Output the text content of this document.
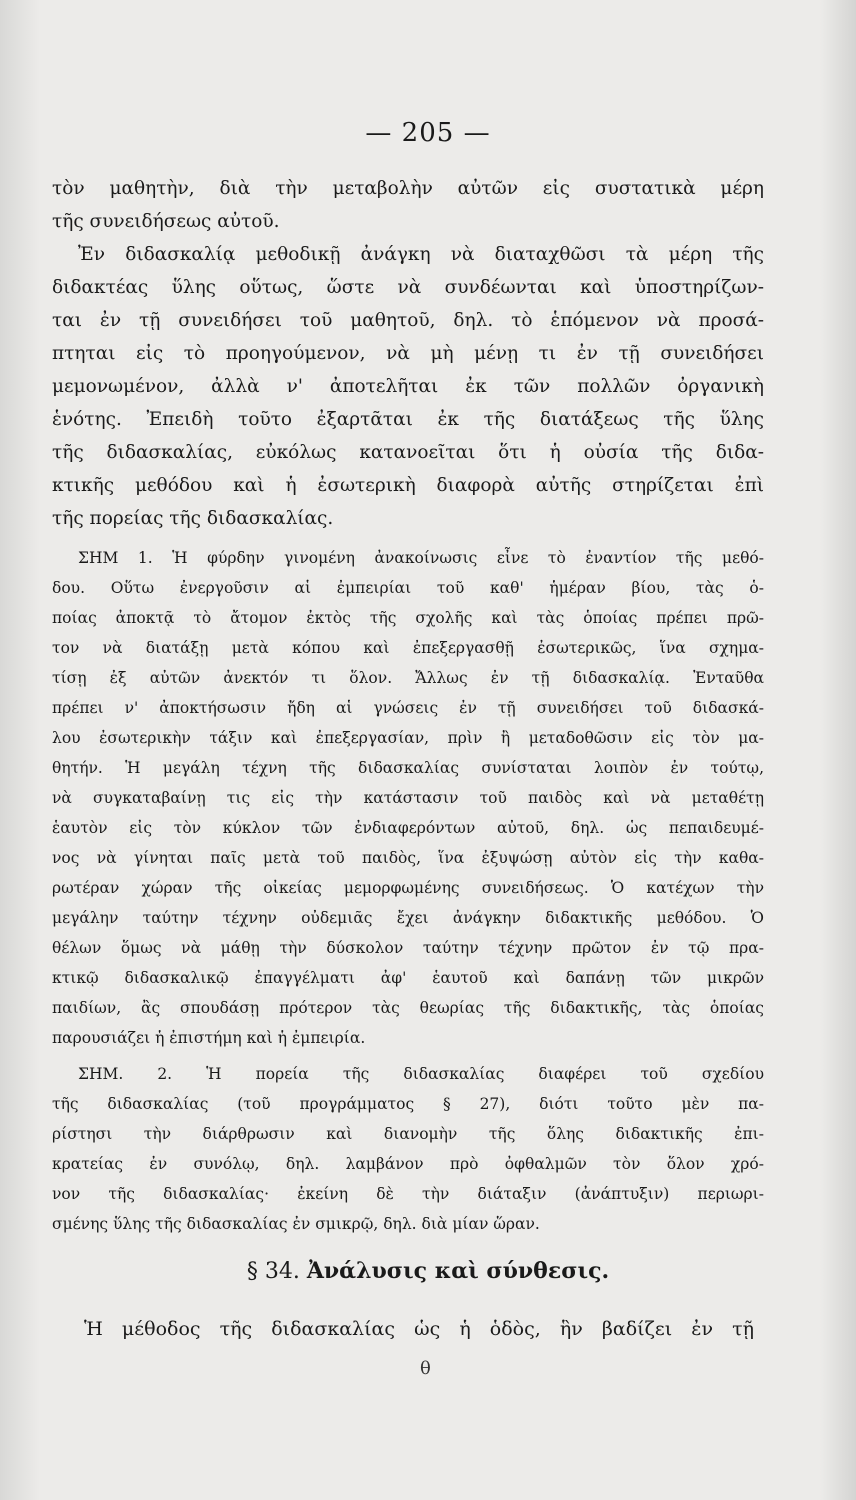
— 205 —
τὸν μαθητὴν, διὰ τὴν μεταβολὴν αὐτῶν εἰς συστατικὰ μέρη
τῆς συνειδήσεως αὐτοῦ.
Ἐν διδασκαλίᾳ μεθοδικῇ ἀνάγκη νὰ διαταχθῶσι τὰ μέρη τῆς
διδακτέας ὕλης οὕτως, ὥστε νὰ συνδέωνται καὶ ὑποστηρίζων-
ται ἐν τῇ συνειδήσει τοῦ μαθητοῦ, δηλ. τὸ ἑπόμενον νὰ προσά-
πτηται εἰς τὸ προηγούμενον, νὰ μὴ μένῃ τι ἐν τῇ συνειδήσει
μεμονωμένον, ἀλλὰ ν' ἀποτελῆται ἐκ τῶν πολλῶν ὀργανικὴ
ἑνότης. Ἐπειδὴ τοῦτο ἐξαρτᾶται ἐκ τῆς διατάξεως τῆς ὕλης
τῆς διδασκαλίας, εὐκόλως κατανοεῖται ὅτι ἡ οὐσία τῆς διδα-
κτικῆς μεθόδου καὶ ἡ ἐσωτερικὴ διαφορὰ αὐτῆς στηρίζεται ἐπὶ
τῆς πορείας τῆς διδασκαλίας.
ΣΗΜ 1. Ἡ φύρδην γινομένη ἀνακοίνωσις εἶνε τὸ ἐναντίον τῆς μεθό-
δου. Οὕτω ἐνεργοῦσιν αἱ ἐμπειρίαι τοῦ καθ' ἡμέραν βίου, τὰς ὁ-
ποίας ἀποκτᾷ τὸ ἄτομον ἐκτὸς τῆς σχολῆς καὶ τὰς ὁποίας πρέπει πρῶ-
τον νὰ διατάξῃ μετὰ κόπου καὶ ἐπεξεργασθῇ ἐσωτερικῶς, ἵνα σχημα-
τίσῃ ἐξ αὐτῶν ἀνεκτόν τι ὅλον. Ἄλλως ἐν τῇ διδασκαλίᾳ. Ἐνταῦθα
πρέπει ν' ἀποκτήσωσιν ἤδη αἱ γνώσεις ἐν τῇ συνειδήσει τοῦ διδασκά-
λου ἐσωτερικὴν τάξιν καὶ ἐπεξεργασίαν, πρὶν ἢ μεταδοθῶσιν εἰς τὸν μα-
θητήν. Ἡ μεγάλη τέχνη τῆς διδασκαλίας συνίσταται λοιπὸν ἐν τούτῳ,
νὰ συγκαταβαίνῃ τις εἰς τὴν κατάστασιν τοῦ παιδὸς καὶ νὰ μεταθέτῃ
ἑαυτὸν εἰς τὸν κύκλον τῶν ἐνδιαφερόντων αὐτοῦ, δηλ. ὡς πεπαιδευμέ-
νος νὰ γίνηται παῖς μετὰ τοῦ παιδὸς, ἵνα ἐξυψώσῃ αὐτὸν εἰς τὴν καθα-
ρωτέραν χώραν τῆς οἰκείας μεμορφωμένης συνειδήσεως. Ὁ κατέχων τὴν
μεγάλην ταύτην τέχνην οὐδεμιᾶς ἔχει ἀνάγκην διδακτικῆς μεθόδου. Ὁ
θέλων ὅμως νὰ μάθῃ τὴν δύσκολον ταύτην τέχνην πρῶτον ἐν τῷ πρα-
κτικῷ διδασκαλικῷ ἐπαγγέλματι ἀφ' ἑαυτοῦ καὶ δαπάνῃ τῶν μικρῶν
παιδίων, ἂς σπουδάσῃ πρότερον τὰς θεωρίας τῆς διδακτικῆς, τὰς ὁποίας
παρουσιάζει ἡ ἐπιστήμη καὶ ἡ ἐμπειρία.
ΣΗΜ. 2. Ἡ πορεία τῆς διδασκαλίας διαφέρει τοῦ σχεδίου
τῆς διδασκαλίας (τοῦ προγράμματος § 27), διότι τοῦτο μὲν πα-
ρίστησι τὴν διάρθρωσιν καὶ διανομὴν τῆς ὅλης διδακτικῆς ἐπι-
κρατείας ἐν συνόλῳ, δηλ. λαμβάνον πρὸ ὀφθαλμῶν τὸν ὅλον χρό-
νον τῆς διδασκαλίας· ἐκείνη δὲ τὴν διάταξιν (ἀνάπτυξιν) περιωρι-
σμένης ὕλης τῆς διδασκαλίας ἐν σμικρῷ, δηλ. διὰ μίαν ὥραν.
§ 34. Ἀνάλυσις καὶ σύνθεσις.
Ἡ μέθοδος τῆς διδασκαλίας ὡς ἡ ὁδὸς, ἣν βαδίζει ἐν τῇ
θ
